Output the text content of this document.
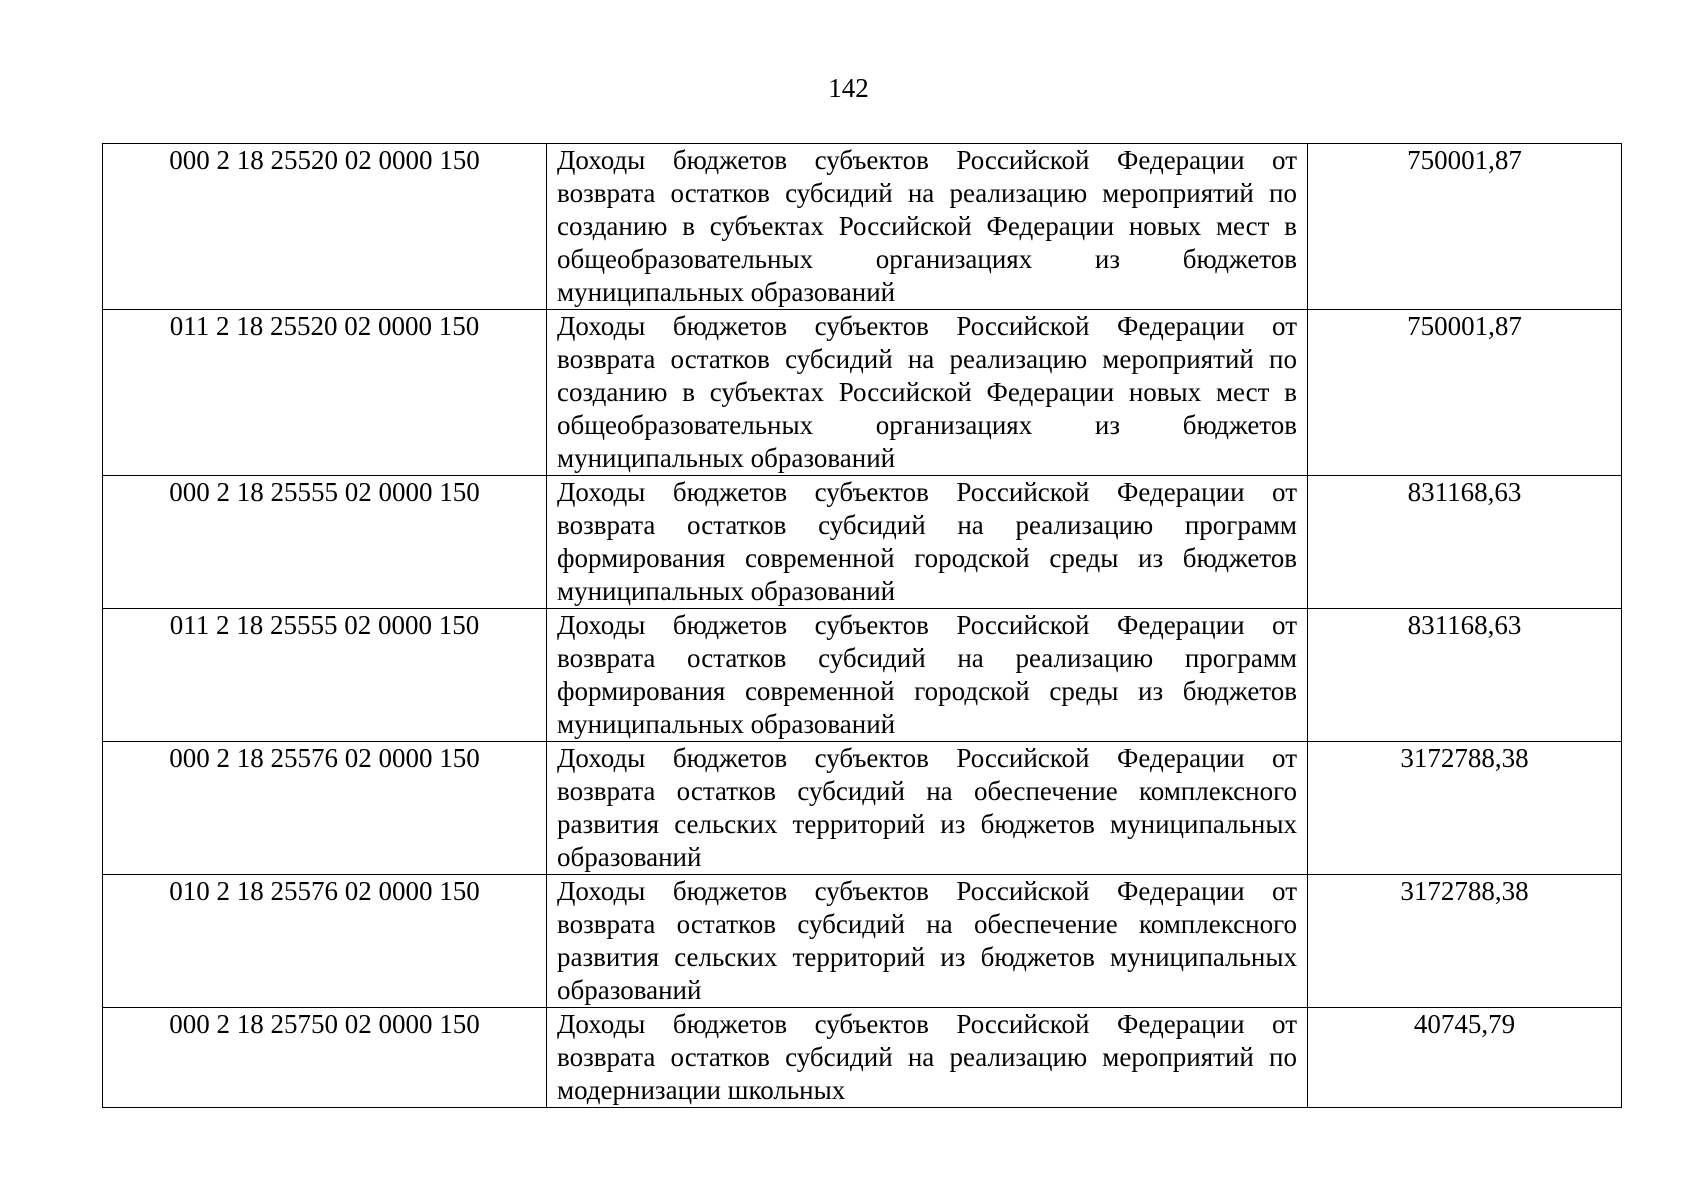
142
000 2 18 25520 02 0000 150	Доходы бюджетов субъектов Российской Федерации от возврата остатков субсидий на реализацию мероприятий по созданию в субъектах Российской Федерации новых мест в общеобразовательных организациях из бюджетов муниципальных образований	750001,87
011 2 18 25520 02 0000 150	Доходы бюджетов субъектов Российской Федерации от возврата остатков субсидий на реализацию мероприятий по созданию в субъектах Российской Федерации новых мест в общеобразовательных организациях из бюджетов муниципальных образований	750001,87
000 2 18 25555 02 0000 150	Доходы бюджетов субъектов Российской Федерации от возврата остатков субсидий на реализацию программ формирования современной городской среды из бюджетов муниципальных образований	831168,63
011 2 18 25555 02 0000 150	Доходы бюджетов субъектов Российской Федерации от возврата остатков субсидий на реализацию программ формирования современной городской среды из бюджетов муниципальных образований	831168,63
000 2 18 25576 02 0000 150	Доходы бюджетов субъектов Российской Федерации от возврата остатков субсидий на обеспечение комплексного развития сельских территорий из бюджетов муниципальных образований	3172788,38
010 2 18 25576 02 0000 150	Доходы бюджетов субъектов Российской Федерации от возврата остатков субсидий на обеспечение комплексного развития сельских территорий из бюджетов муниципальных образований	3172788,38
000 2 18 25750 02 0000 150	Доходы бюджетов субъектов Российской Федерации от возврата остатков субсидий на реализацию мероприятий по модернизации школьных	40745,79
